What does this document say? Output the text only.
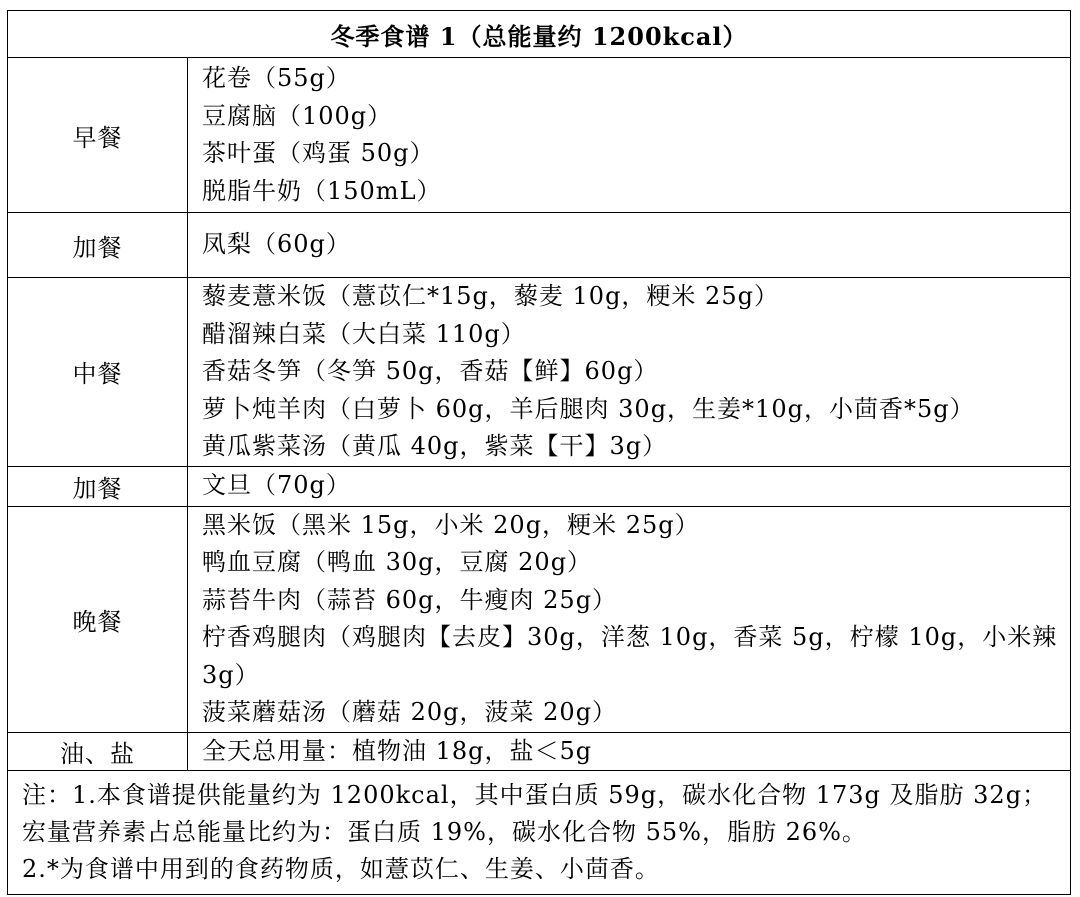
冬季食谱 1（总能量约 1200kcal）	
早餐	花卷（55g）
豆腐脑（100g）
茶叶蛋（鸡蛋 50g）
脱脂牛奶（150mL）

加餐	凤梨（60g）

中餐	藜麦薏米饭（薏苡仁*15g，藜麦 10g，粳米 25g）
醋溜辣白菜（大白菜 110g）
香菇冬笋（冬笋 50g，香菇【鲜】60g）
萝卜炖羊肉（白萝卜 60g，羊后腿肉 30g，生姜*10g，小茴香*5g）
黄瓜紫菜汤（黄瓜 40g，紫菜【干】3g）

加餐	文旦（70g）

晚餐	黑米饭（黑米 15g，小米 20g，粳米 25g）
鸭血豆腐（鸭血 30g，豆腐 20g）
蒜苔牛肉（蒜苔 60g，牛瘦肉 25g）
柠香鸡腿肉（鸡腿肉【去皮】30g，洋葱 10g，香菜 5g，柠檬 10g，小米辣 3g）
菠菜蘑菇汤（蘑菇 20g，菠菜 20g）

油、盐	全天总用量：植物油 18g，盐＜5g

注：1.本食谱提供能量约为 1200kcal，其中蛋白质 59g，碳水化合物 173g 及脂肪 32g；宏量营养素占总能量比约为：蛋白质 19%，碳水化合物 55%，脂肪 26%。
2.*为食谱中用到的食药物质，如薏苡仁、生姜、小茴香。	
